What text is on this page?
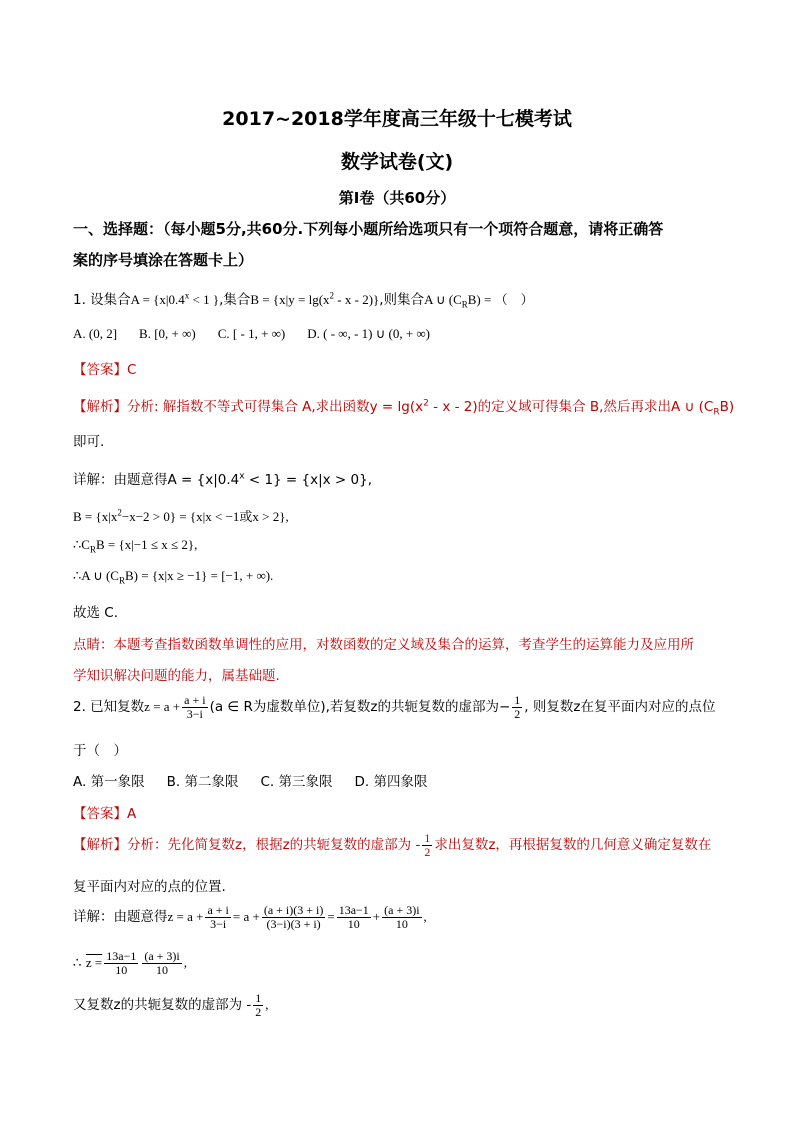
2017~2018学年度高三年级十七模考试
数学试卷(文)
第Ⅰ卷（共60分）
一、选择题：（每小题5分,共60分.下列每小题所给选项只有一个项符合题意，请将正确答
案的序号填涂在答题卡上）
1. 设集合$A = \{x|0.4^x < 1$ },集合$B = \{x|y = \lg(x^2 - x - 2)\}$,则集合A ∪ $(C_RB)$ = （　）
A. (0, 2] B. [0, + ∞) C. [ - 1, + ∞) D. ( - ∞, - 1) ∪ (0, + ∞)
【答案】C
【解析】分析: 解指数不等式可得集合 A,求出函数$y = \lg(x^2 - x - 2)$的定义域可得集合 B,然后再求出A ∪ $(C_RB)$
即可.
详解：由题意得$A = \{x|0.4^x < 1\} = \{x|x > 0\}$,
$B = \{x|x^2-x-2 > 0\} = \{x|x < -1$或x > 2},
$\therefore C_RB = \{x|-1 \le x \le 2\}$,
∴A ∪ $(C_RB) = \{x|x \ge -1\} = [-1$, + ∞).
故选 C.
点睛：本题考查指数函数单调性的应用，对数函数的定义域及集合的运算，考查学生的运算能力及应用所
学知识解决问题的能力，属基础题.
2. 已知复数$z = a + \frac{a + i}{3-i} (a$ ∈ R为虚数单位),若复数z的共轭复数的虚部为− $\frac{1}{2}$ , 则复数z在复平面内对应的点位
于（　）
A. 第一象限 B. 第二象限 C. 第三象限 D. 第四象限
【答案】A
【解析】分析：先化简复数z，根据z的共轭复数的虚部为 - $\frac{1}{2}$ 求出复数z，再根据复数的几何意义确定复数在
复平面内对应的点的位置.
详解：由题意得$z = a + \frac{a + i}{3-i} = a + \frac{(a + i)(3 + i)}{(3-i)(3 + i)} = \frac{13a-1}{10} + \frac{(a + 3)i}{10}$ ,
∴ $z = \frac{13a-1}{10} \frac{(a + 3)i}{10}$ ,
又复数z的共轭复数的虚部为 - $\frac{1}{2}$ ,
